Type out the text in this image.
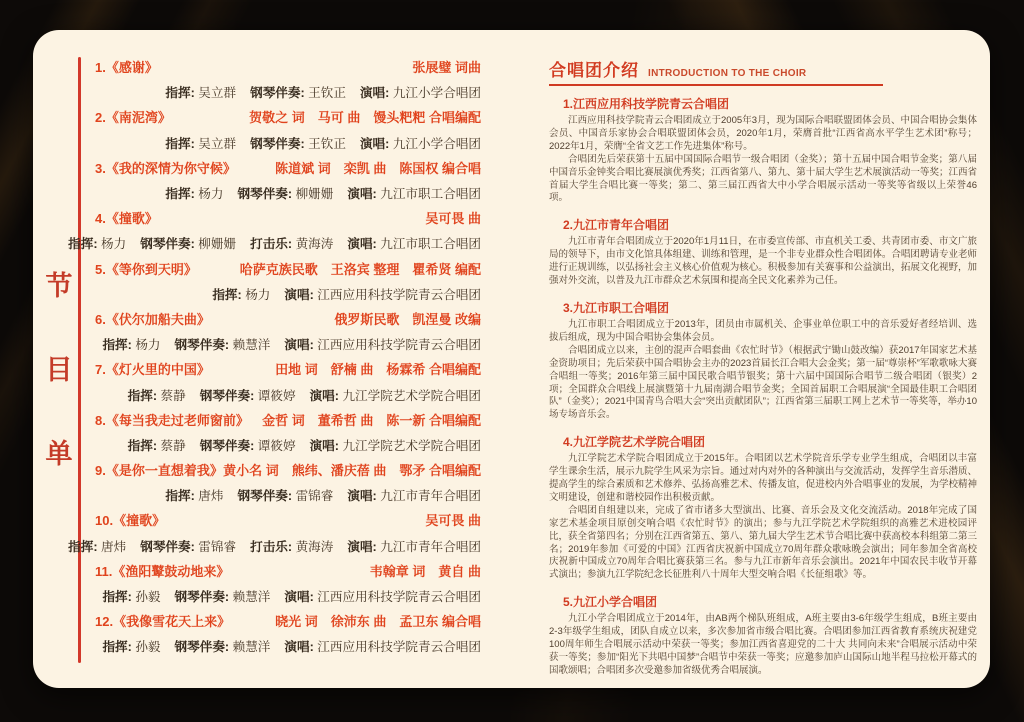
节
目
单
1.《感谢》	张展璧 词曲
指挥: 吴立群 钢琴伴奏: 王钦正 演唱: 九江小学合唱团
2.《南泥湾》	贺敬之 词 马可 曲 馒头粑粑 合唱编配
指挥: 吴立群 钢琴伴奏: 王钦正 演唱: 九江小学合唱团
3.《我的深情为你守候》	陈道斌 词 栾凯 曲 陈国权 编合唱
指挥: 杨力 钢琴伴奏: 柳姗姗 演唱: 九江市职工合唱团
4.《撞歌》	吴可畏 曲
指挥: 杨力 钢琴伴奏: 柳姗姗 打击乐: 黄海涛 演唱: 九江市职工合唱团
5.《等你到天明》	哈萨克族民歌 王洛宾 整理 瞿希贤 编配
指挥: 杨力 演唱: 江西应用科技学院青云合唱团
6.《伏尔加船夫曲》	俄罗斯民歌 凯涅曼 改编
指挥: 杨力 钢琴伴奏: 赖慧洋 演唱: 江西应用科技学院青云合唱团
7.《灯火里的中国》	田地 词 舒楠 曲 杨霖希 合唱编配
指挥: 蔡静 钢琴伴奏: 谭筱婷 演唱: 九江学院艺术学院合唱团
8.《每当我走过老师窗前》 金哲 词 董希哲 曲 陈一新 合唱编配
指挥: 蔡静 钢琴伴奏: 谭筱婷 演唱: 九江学院艺术学院合唱团
9.《是你一直想着我》 黄小名 词 熊纬、潘庆蓓 曲 鄂矛 合唱编配
指挥: 唐炜 钢琴伴奏: 雷锦睿 演唱: 九江市青年合唱团
10.《撞歌》	吴可畏 曲
指挥: 唐炜 钢琴伴奏: 雷锦睿 打击乐: 黄海涛 演唱: 九江市青年合唱团
11.《渔阳鼙鼓动地来》	韦翰章 词 黄自 曲
指挥: 孙毅 钢琴伴奏: 赖慧洋 演唱: 江西应用科技学院青云合唱团
12.《我像雪花天上来》	晓光 词 徐沛东 曲 孟卫东 编合唱
指挥: 孙毅 钢琴伴奏: 赖慧洋 演唱: 江西应用科技学院青云合唱团
合唱团介绍 INTRODUCTION TO THE CHOIR
1.江西应用科技学院青云合唱团

江西应用科技学院青云合唱团成立于2005年3月，现为国际合唱联盟团体会员、中国合唱协会集体会员、中国音乐家协会合唱联盟团体会员，2020年1月，荣膺首批“江西省高水平学生艺术团”称号； 2022年1月，荣膺“全省文艺工作先进集体”称号。

合唱团先后荣获第十五届中国国际合唱节一级合唱团（金奖）；第十五届中国合唱节金奖；第八届中国音乐金钟奖合唱比赛展演优秀奖；江西省第八、第九、第十届大学生艺术展演活动一等奖；江西省首届大学生合唱比赛一等奖；第二、第三届江西省大中小学合唱展示活动一等奖等省级以上荣誉46项。

2.九江市青年合唱团

九江市青年合唱团成立于2020年1月11日，在市委宣传部、市直机关工委、共青团市委、市文广旅局的领导下，由市文化馆具体组建、训练和管理，是一个非专业群众性合唱团体。合唱团聘请专业老师进行正规训练，以弘扬社会主义核心价值观为核心。积极参加有关赛事和公益演出，拓展文化视野，加强对外交流，以普及九江市群众艺术氛围和提高全民文化素养为己任。

3.九江市职工合唱团

九江市职工合唱团成立于2013年，团员由市属机关、企事业单位职工中的音乐爱好者经培训、选拔后组成，现为中国合唱协会集体会员。

合唱团成立以来，主创的混声合唱套曲《农忙时节》（根据武宁锄山鼓改编）获2017年国家艺术基金资助项目；先后荣获中国合唱协会主办的2023首届长江合唱大会金奖；第一届“尊崇杯”军歌歌咏大赛合唱组一等奖；2016年第三届中国民歌合唱节银奖；第十六届中国国际合唱节二级合唱团（银奖）2项；全国群众合唱线上展演暨第十九届南湖合唱节金奖；全国首届职工合唱展演“全国最佳职工合唱团队”（金奖）；2021中国青鸟合唱大会“突出贡献团队”；江西省第三届职工网上艺术节一等奖等，举办10场专场音乐会。

4.九江学院艺术学院合唱团

九江学院艺术学院合唱团成立于2015年。合唱团以艺术学院音乐学专业学生组成，合唱团以丰富学生课余生活，展示九院学生风采为宗旨。通过对内对外的各种演出与交流活动，发挥学生音乐潜质、提高学生的综合素质和艺术修养、弘扬高雅艺术、传播友谊，促进校内外合唱事业的发展，为学校精神文明建设，创建和谐校园作出积极贡献。

合唱团自组建以来，完成了省市诸多大型演出、比赛、音乐会及文化交流活动。2018年完成了国家艺术基金项目原创交响合唱《农忙时节》的演出；参与九江学院艺术学院组织的高雅艺术进校园评比，获全省第四名；分别在江西省第五、第八、第九届大学生艺术节合唱比赛中获高校本科组第二第三名；2019年参加《可爱的中国》江西省庆祝新中国成立70周年群众歌咏晚会演出；同年参加全省高校庆祝新中国成立70周年合唱比赛获第三名。参与九江市新年音乐会演出。2021年中国农民丰收节开幕式演出；参演九江学院纪念长征胜利八十周年大型交响合唱《长征组歌》等。

5.九江小学合唱团

九江小学合唱团成立于2014年，由AB两个梯队班组成，A班主要由3-6年级学生组成，B班主要由2-3年级学生组成，团队自成立以来，多次参加省市级合唱比赛。合唱团参加江西省教育系统庆祝建党100周年师生合唱展示活动中荣获一等奖；参加江西省喜迎党的二十大 共同向未来”合唱展示活动中荣获一等奖；参加“阳光下共唱中国梦”合唱节中荣获一等奖；应邀参加庐山国际山地半程马拉松开幕式的国歌颂唱；合唱团多次受邀参加省级优秀合唱展演。
